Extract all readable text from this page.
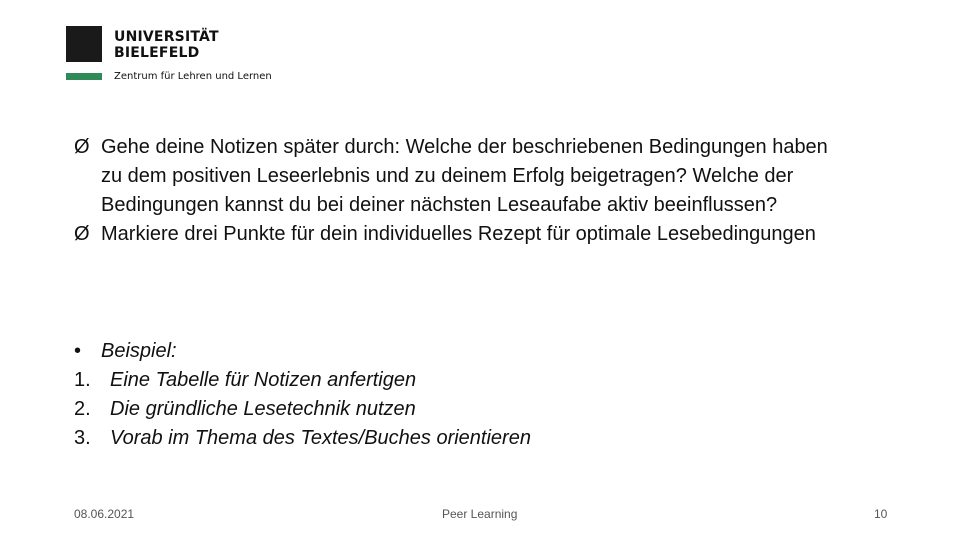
UNIVERSITÄT
BIELEFELD
Zentrum für Lehren und Lernen
Ø Gehe deine Notizen später durch: Welche der beschriebenen Bedingungen haben zu dem positiven Leseerlebnis und zu deinem Erfolg beigetragen? Welche der Bedingungen kannst du bei deiner nächsten Leseaufabe aktiv beeinflussen?
Ø Markiere drei Punkte für dein individuelles Rezept für optimale Lesebedingungen
• Beispiel:
1. Eine Tabelle für Notizen anfertigen
2. Die gründliche Lesetechnik nutzen
3. Vorab im Thema des Textes/Buches orientieren
08.06.2021	Peer Learning	10
